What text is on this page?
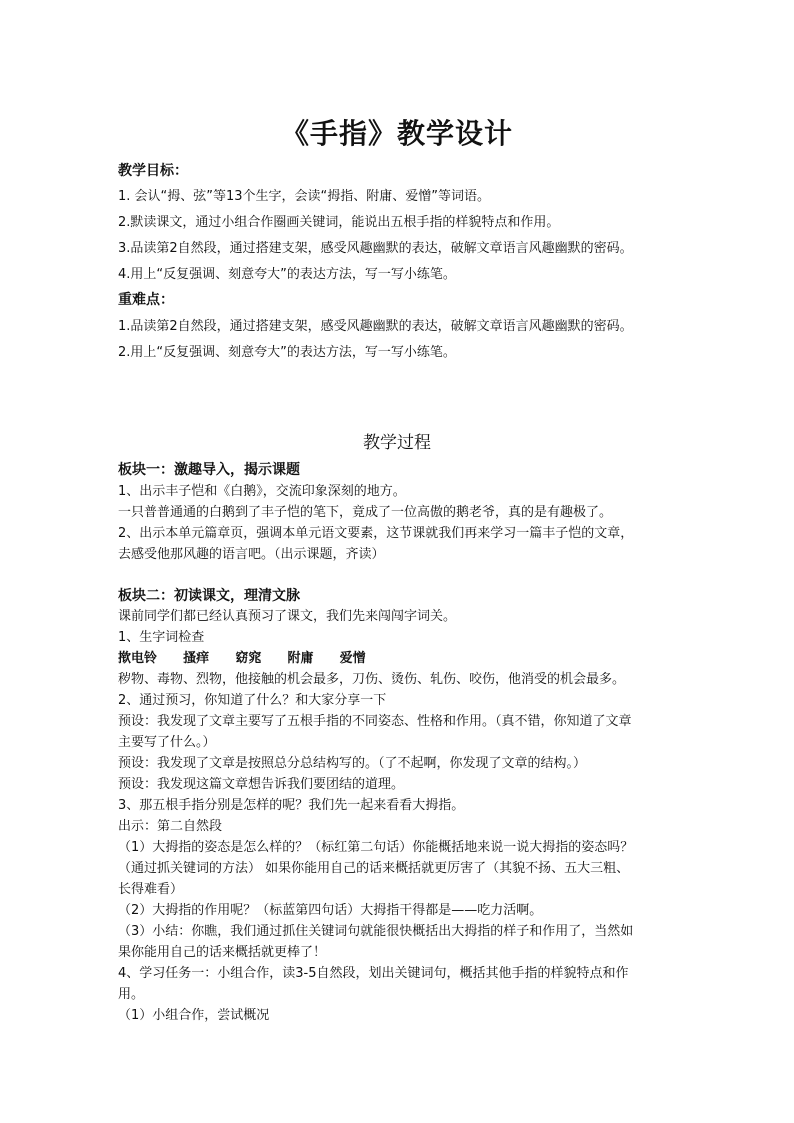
《手指》教学设计
教学目标：
1. 会认“拇、弦”等13个生字，会读“拇指、附庸、爱憎”等词语。
2.默读课文，通过小组合作圈画关键词，能说出五根手指的样貌特点和作用。
3.品读第2自然段，通过搭建支架，感受风趣幽默的表达，破解文章语言风趣幽默的密码。
4.用上“反复强调、刻意夸大”的表达方法，写一写小练笔。
重难点：
1.品读第2自然段，通过搭建支架，感受风趣幽默的表达，破解文章语言风趣幽默的密码。
2.用上“反复强调、刻意夸大”的表达方法，写一写小练笔。
教学过程
板块一：激趣导入，揭示课题
1、出示丰子恺和《白鹅》，交流印象深刻的地方。
一只普普通通的白鹅到了丰子恺的笔下，竟成了一位高傲的鹅老爷，真的是有趣极了。
2、出示本单元篇章页，强调本单元语文要素，这节课就我们再来学习一篇丰子恺的文章，
去感受他那风趣的语言吧。（出示课题，齐读）
板块二：初读课文，理清文脉
课前同学们都已经认真预习了课文，我们先来闯闯字词关。
1、生字词检查
揿电铃 搔痒 窈窕 附庸 爱憎
秽物、毒物、烈物，他接触的机会最多，刀伤、烫伤、轧伤、咬伤，他消受的机会最多。
2、通过预习，你知道了什么？和大家分享一下
预设：我发现了文章主要写了五根手指的不同姿态、性格和作用。（真不错，你知道了文章
主要写了什么。）
预设：我发现了文章是按照总分总结构写的。（了不起啊，你发现了文章的结构。）
预设：我发现这篇文章想告诉我们要团结的道理。
3、那五根手指分别是怎样的呢？我们先一起来看看大拇指。
出示：第二自然段
（1）大拇指的姿态是怎么样的？（标红第二句话）你能概括地来说一说大拇指的姿态吗？
（通过抓关键词的方法） 如果你能用自己的话来概括就更厉害了（其貌不扬、五大三粗、
长得难看）
（2）大拇指的作用呢？（标蓝第四句话）大拇指干得都是——吃力活啊。
（3）小结：你瞧，我们通过抓住关键词句就能很快概括出大拇指的样子和作用了，当然如
果你能用自己的话来概括就更棒了！
4、学习任务一：小组合作，读3-5自然段，划出关键词句，概括其他手指的样貌特点和作
用。
（1）小组合作，尝试概况
